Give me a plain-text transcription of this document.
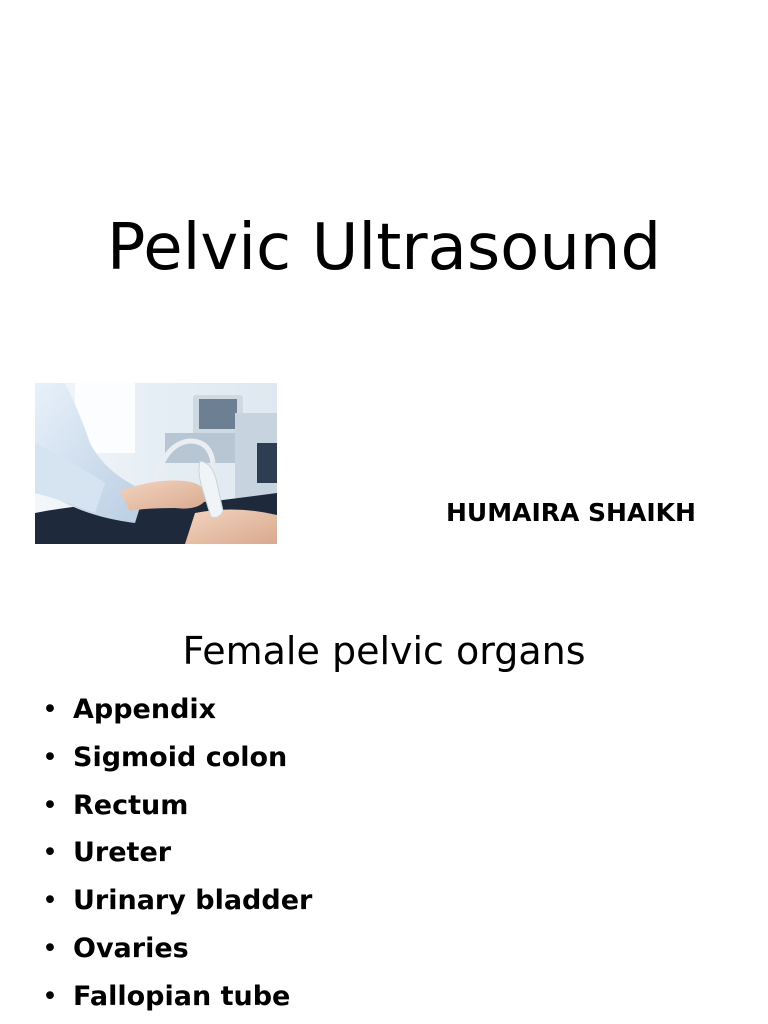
Pelvic Ultrasound
HUMAIRA SHAIKH
Female pelvic organs
• Appendix
• Sigmoid colon
• Rectum
• Ureter
• Urinary bladder
• Ovaries
• Fallopian tube
